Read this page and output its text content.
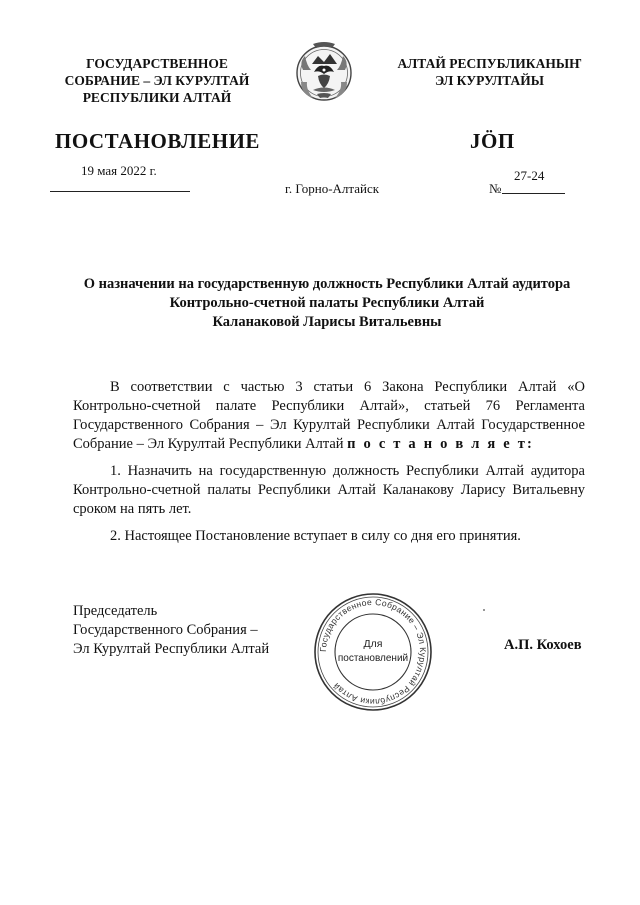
ГОСУДАРСТВЕННОЕ
СОБРАНИЕ – ЭЛ КУРУЛТАЙ
РЕСПУБЛИКИ АЛТАЙ
АЛТАЙ РЕСПУБЛИКАНЫҤ
ЭЛ КУРУЛТАЙЫ
ПОСТАНОВЛЕНИЕ	JÖП
19 мая 2022 г.
г. Горно-Алтайск
27-24
№
О назначении на государственную должность Республики Алтай аудитора
Контрольно-счетной палаты Республики Алтай
Каланаковой Ларисы Витальевны

В соответствии с частью 3 статьи 6 Закона Республики Алтай «О Контрольно-счетной палате Республики Алтай», статьей 76 Регламента Государственного Собрания – Эл Курултай Республики Алтай Государственное Собрание – Эл Курултай Республики Алтай п о с т а н о в л я е т:

1. Назначить на государственную должность Республики Алтай аудитора Контрольно-счетной палаты Республики Алтай Каланакову Ларису Витальевну сроком на пять лет.

2. Настоящее Постановление вступает в силу со дня его принятия.

Председатель
Государственного Собрания –
Эл Курултай Республики Алтай	Государственное Собрание – Эл Курултай Республики Алтай
Для
постановлений
А.П. Кохоев
